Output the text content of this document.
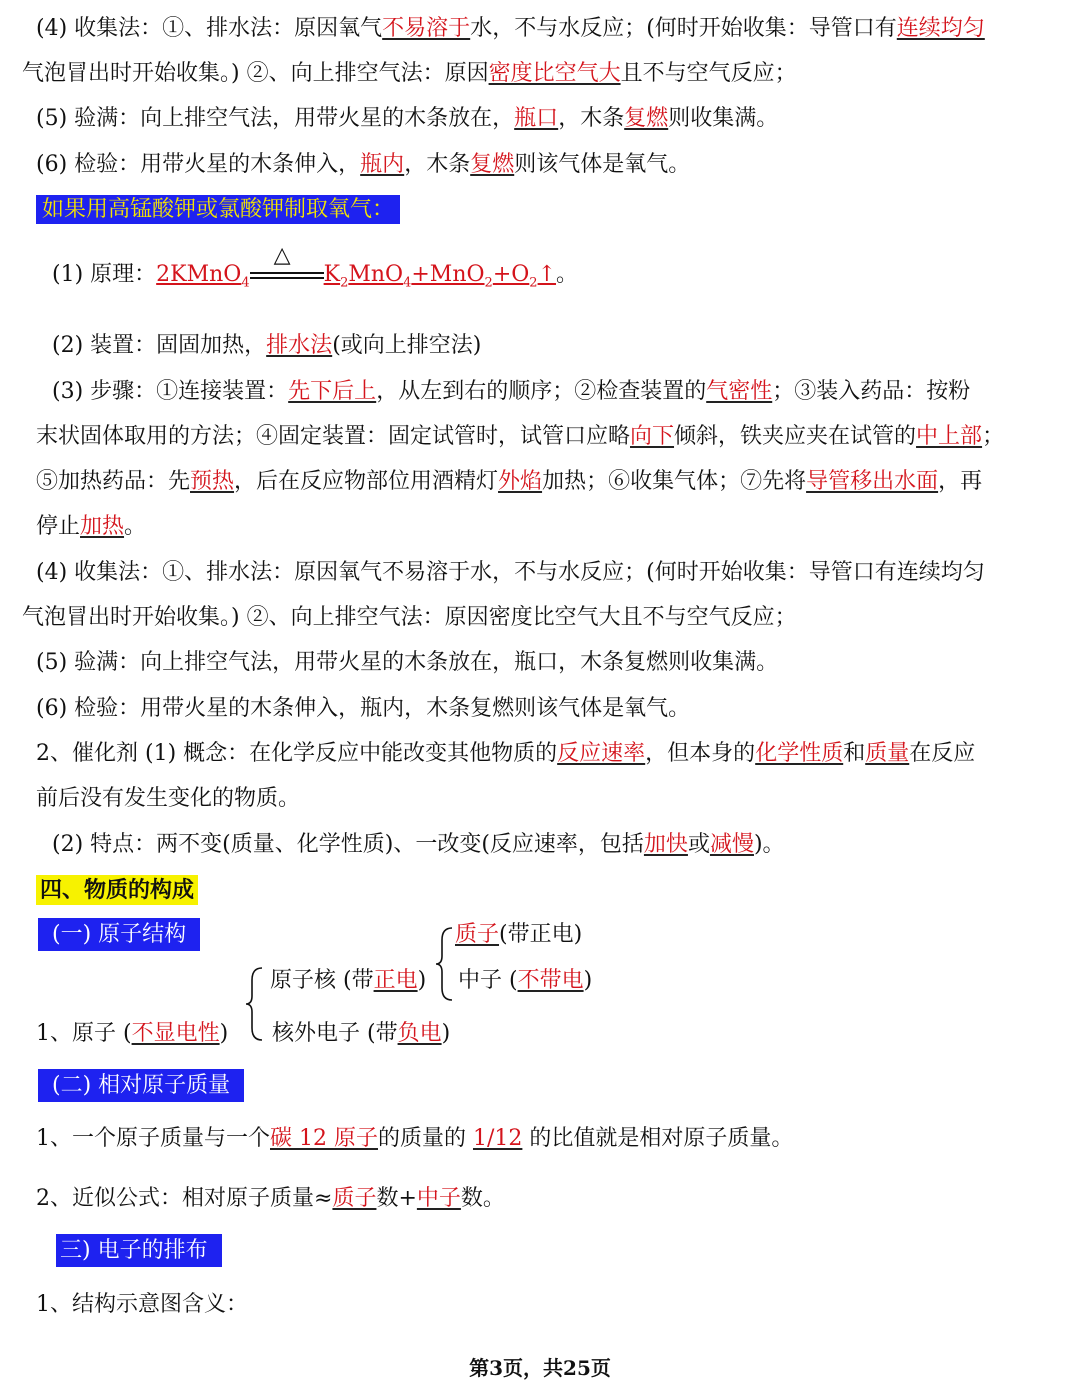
(4) 收集法：①、排水法：原因氧气不易溶于水，不与水反应；(何时开始收集：导管口有连续均匀
气泡冒出时开始收集。) ②、向上排空气法：原因密度比空气大且不与空气反应；
(5) 验满：向上排空气法，用带火星的木条放在，瓶口，木条复燃则收集满。
(6) 检验：用带火星的木条伸入，瓶内，木条复燃则该气体是氧气。
如果用高锰酸钾或氯酸钾制取氧气：
(1) 原理：2KMnO$_4$
△
$K_2MnO_4+MnO_2+O_2↑$。
(2) 装置：固固加热，排水法(或向上排空法)
(3) 步骤：①连接装置：先下后上，从左到右的顺序；②检查装置的气密性；③装入药品：按粉
末状固体取用的方法；④固定装置：固定试管时，试管口应略向下倾斜，铁夹应夹在试管的中上部；
⑤加热药品：先预热，后在反应物部位用酒精灯外焰加热；⑥收集气体；⑦先将导管移出水面，再
停止加热。
(4) 收集法：①、排水法：原因氧气不易溶于水，不与水反应；(何时开始收集：导管口有连续均匀
气泡冒出时开始收集。) ②、向上排空气法：原因密度比空气大且不与空气反应；
(5) 验满：向上排空气法，用带火星的木条放在，瓶口，木条复燃则收集满。
(6) 检验：用带火星的木条伸入，瓶内，木条复燃则该气体是氧气。
2、催化剂 (1) 概念：在化学反应中能改变其他物质的反应速率，但本身的化学性质和质量在反应
前后没有发生变化的物质。
(2) 特点：两不变(质量、化学性质)、一改变(反应速率，包括加快或减慢)。
四、物质的构成
(一) 原子结构	质子(带正电)
原子核 (带正电) 中子 (不带电)
1、原子 (不显电性) 核外电子 (带负电)
(二) 相对原子质量
1、一个原子质量与一个碳 12 原子的质量的 1/12 的比值就是相对原子质量。
2、近似公式：相对原子质量≈质子数+中子数。
三) 电子的排布
1、结构示意图含义：
第3页，共25页
